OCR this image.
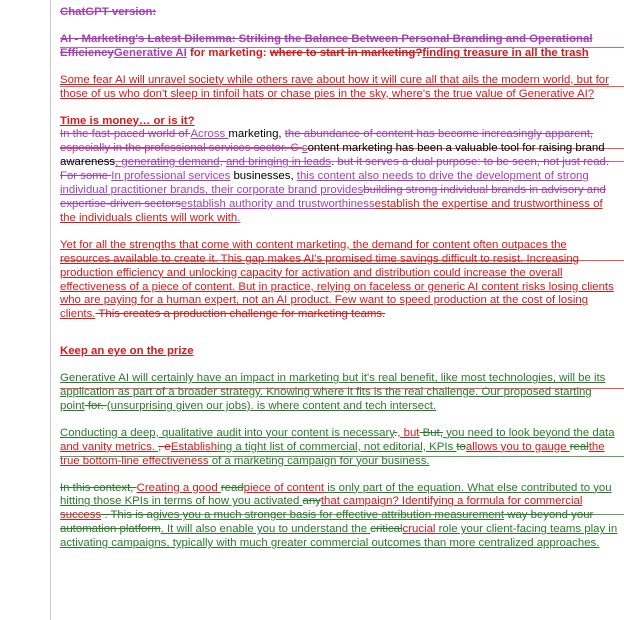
ChatGPT version:

AI - Marketing's Latest Dilemma: Striking the Balance Between Personal Branding and Operational EfficiencyGenerative AI for marketing: where to start in marketing?finding treasure in all the trash

Some fear AI will unravel society while others rave about how it will cure all that ails the modern world, but for those of us who don't sleep in tinfoil hats or chase pies in the sky, where's the true value of Generative AI?

Time is money… or is it?

In the fast-paced world of Across marketing, the abundance of content has become increasingly apparent, especially in the professional services sector. C content marketing has been a valuable tool for raising brand awareness, generating demand, and bringing in leads. but it serves a dual purpose: to be seen, not just read. For some In professional services businesses, this content also needs to drive the development of strong individual practitioner brands, their corporate brand providesbuilding strong individual brands in advisory and expertise-driven sectorsestablish authority and trustworthinessestablish the expertise and trustworthiness of the individuals clients will work with.

Yet for all the strengths that come with content marketing, the demand for content often outpaces the resources available to create it. This gap makes AI's promised time savings difficult to resist. Increasing production efficiency and unlocking capacity for activation and distribution could increase the overall effectiveness of a piece of content. But in practice, relying on faceless or generic AI content risks losing clients who are paying for a human expert, not an AI product. Few want to speed production at the cost of losing clients. This creates a production challenge for marketing teams.

Keep an eye on the prize

Generative AI will certainly have an impact in marketing but it's real benefit, like most technologies, will be its application as part of a broader strategy. Knowing where it fits is the real challenge. Our proposed starting point for. (unsurprising given our jobs). is where content and tech intersect.

Conducting a deep, qualitative audit into your content is necessary., but But, you need to look beyond the data and vanity metrics. , eEstablishing a tight list of commercial, not editorial, KPIs toallows you to gauge realthe true bottom-line effectiveness of a marketing campaign for your business.

In this context, Creating a good readpiece of content is only part of the equation. What else contributed to you hitting those KPIs in terms of how you activated anythat campaign? Identifying a formula for commercial success . This is agives you a much stronger basis for effective attribution measurement way beyond your automation platform. It will also enable you to understand the criticalcrucial role your client-facing teams play in activating campaigns, typically with much greater commercial outcomes than more centralized approaches.
